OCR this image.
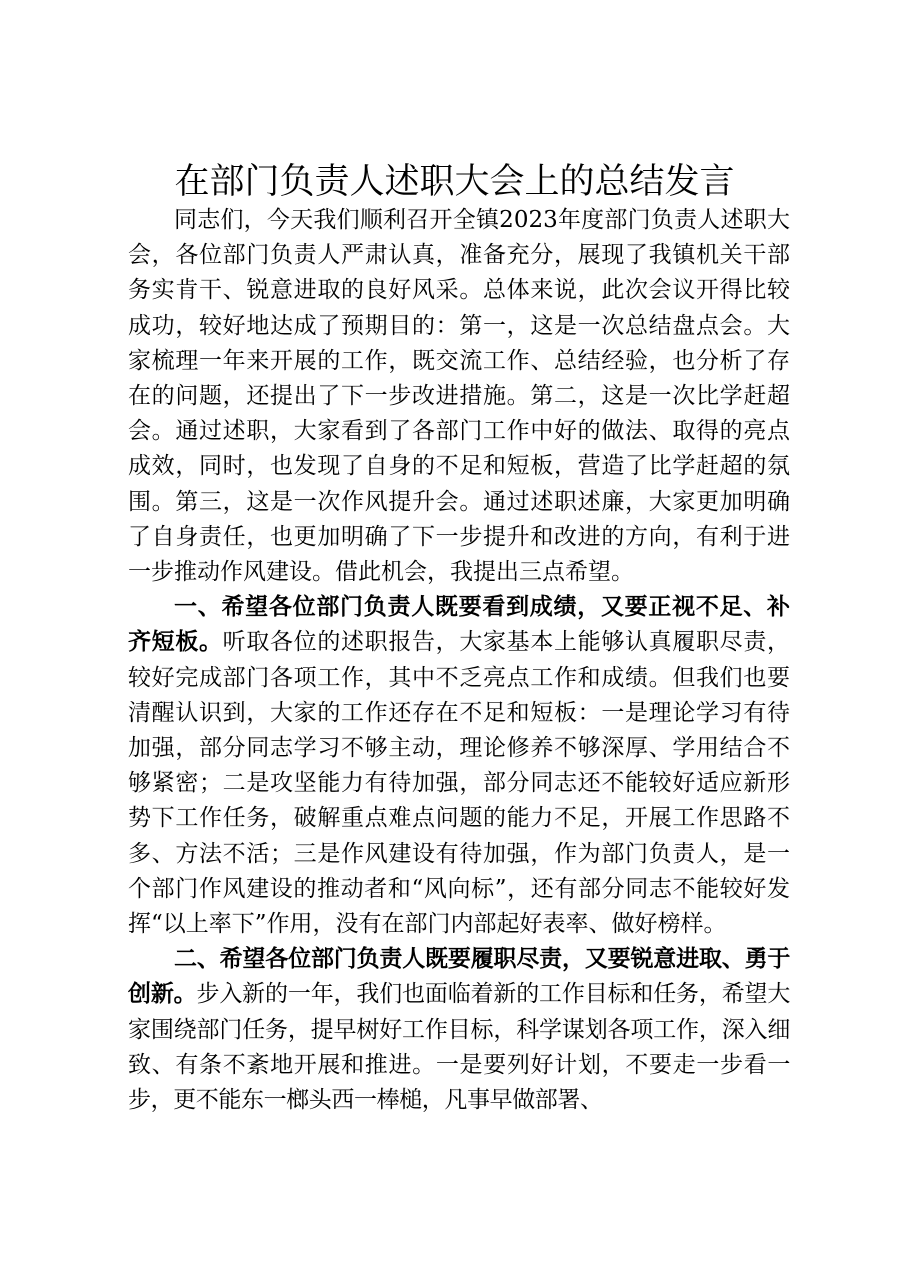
在部门负责人述职大会上的总结发言

同志们，今天我们顺利召开全镇2023年度部门负责人述职大会，各位部门负责人严肃认真，准备充分，展现了我镇机关干部务实肯干、锐意进取的良好风采。总体来说，此次会议开得比较成功，较好地达成了预期目的：第一，这是一次总结盘点会。大家梳理一年来开展的工作，既交流工作、总结经验，也分析了存在的问题，还提出了下一步改进措施。第二，这是一次比学赶超会。通过述职，大家看到了各部门工作中好的做法、取得的亮点成效，同时，也发现了自身的不足和短板，营造了比学赶超的氛围。第三，这是一次作风提升会。通过述职述廉，大家更加明确了自身责任，也更加明确了下一步提升和改进的方向，有利于进一步推动作风建设。借此机会，我提出三点希望。

一、希望各位部门负责人既要看到成绩，又要正视不足、补齐短板。听取各位的述职报告，大家基本上能够认真履职尽责，较好完成部门各项工作，其中不乏亮点工作和成绩。但我们也要清醒认识到，大家的工作还存在不足和短板：一是理论学习有待加强，部分同志学习不够主动，理论修养不够深厚、学用结合不够紧密；二是攻坚能力有待加强，部分同志还不能较好适应新形势下工作任务，破解重点难点问题的能力不足，开展工作思路不多、方法不活；三是作风建设有待加强，作为部门负责人，是一个部门作风建设的推动者和“风向标”，还有部分同志不能较好发挥“以上率下”作用，没有在部门内部起好表率、做好榜样。

二、希望各位部门负责人既要履职尽责，又要锐意进取、勇于创新。步入新的一年，我们也面临着新的工作目标和任务，希望大家围绕部门任务，提早树好工作目标，科学谋划各项工作，深入细致、有条不紊地开展和推进。一是要列好计划，不要走一步看一步，更不能东一榔头西一棒槌，凡事早做部署、
